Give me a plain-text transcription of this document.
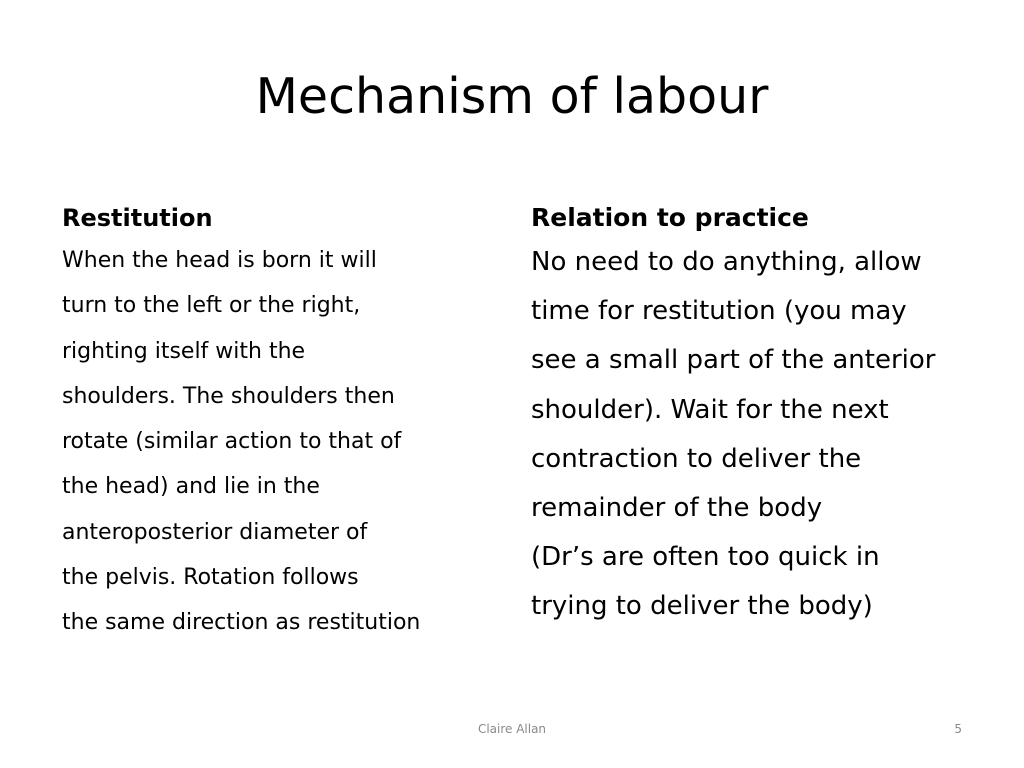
Mechanism of labour
Restitution

When the head is born it will

turn to the left or the right,

righting itself with the

shoulders. The shoulders then

rotate (similar action to that of

the head) and lie in the

anteroposterior diameter of

the pelvis. Rotation follows

the same direction as restitution

Relation to practice

No need to do anything, allow

time for restitution (you may

see a small part of the anterior

shoulder). Wait for the next

contraction to deliver the

remainder of the body

(Dr’s are often too quick in

trying to deliver the body)

Claire Allan	5
